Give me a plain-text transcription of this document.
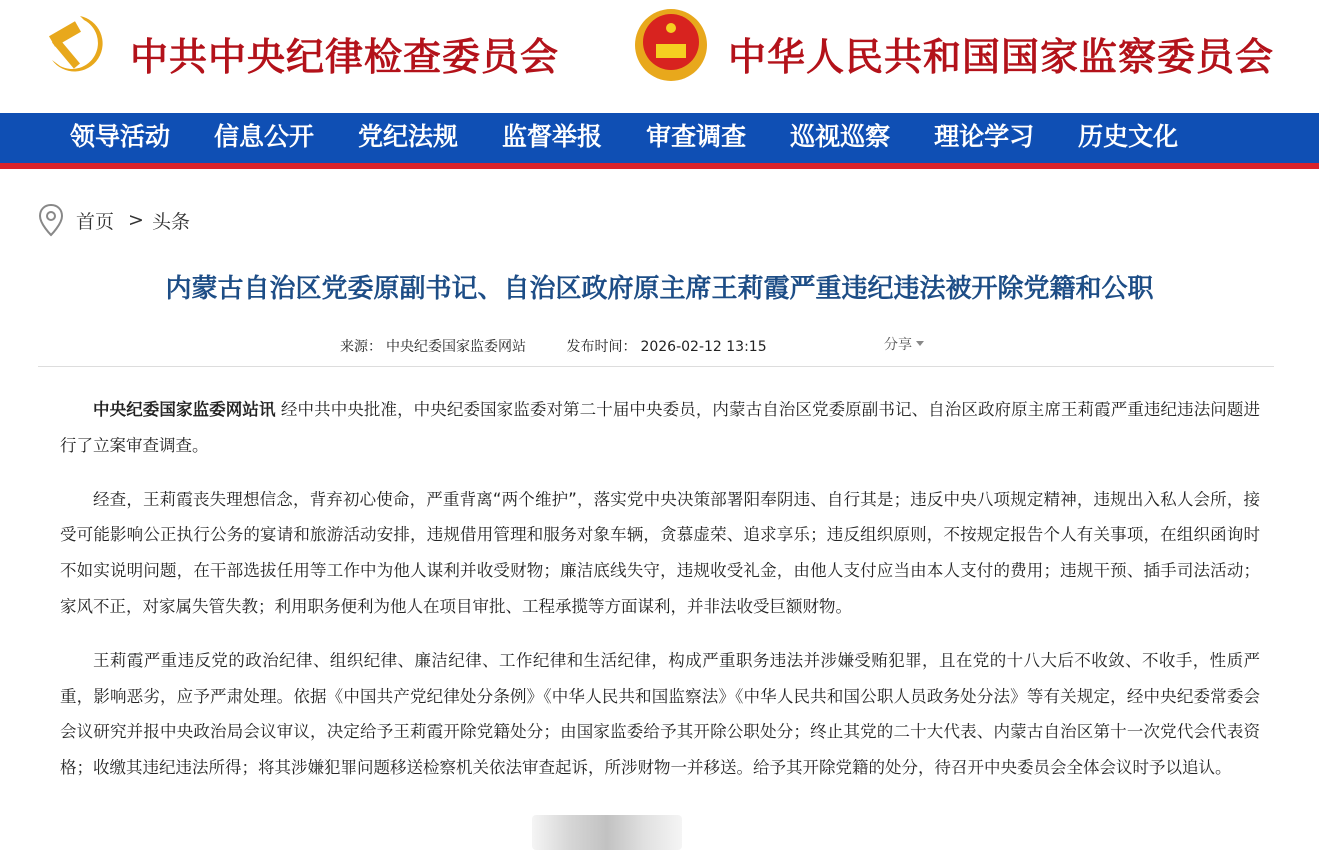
中共中央纪律检查委员会	中华人民共和国国家监察委员会
领导活动 信息公开 党纪法规 监督举报 审查调查 巡视巡察 理论学习 历史文化
首页 > 头条
内蒙古自治区党委原副书记、自治区政府原主席王莉霞严重违纪违法被开除党籍和公职
来源： 中央纪委国家监委网站	发布时间： 2026-02-12 13:15	分享

中央纪委国家监委网站讯 经中共中央批准，中央纪委国家监委对第二十届中央委员，内蒙古自治区党委原副书记、自治区政府原主席王莉霞严重违纪违法问题进行了立案审查调查。

经查，王莉霞丧失理想信念，背弃初心使命，严重背离“两个维护”，落实党中央决策部署阳奉阴违、自行其是；违反中央八项规定精神，违规出入私人会所，接受可能影响公正执行公务的宴请和旅游活动安排，违规借用管理和服务对象车辆，贪慕虚荣、追求享乐；违反组织原则，不按规定报告个人有关事项，在组织函询时不如实说明问题，在干部选拔任用等工作中为他人谋利并收受财物；廉洁底线失守，违规收受礼金，由他人支付应当由本人支付的费用；违规干预、插手司法活动；家风不正，对家属失管失教；利用职务便利为他人在项目审批、工程承揽等方面谋利，并非法收受巨额财物。

王莉霞严重违反党的政治纪律、组织纪律、廉洁纪律、工作纪律和生活纪律，构成严重职务违法并涉嫌受贿犯罪，且在党的十八大后不收敛、不收手，性质严重，影响恶劣，应予严肃处理。依据《中国共产党纪律处分条例》《中华人民共和国监察法》《中华人民共和国公职人员政务处分法》等有关规定，经中央纪委常委会会议研究并报中央政治局会议审议，决定给予王莉霞开除党籍处分；由国家监委给予其开除公职处分；终止其党的二十大代表、内蒙古自治区第十一次党代会代表资格；收缴其违纪违法所得；将其涉嫌犯罪问题移送检察机关依法审查起诉，所涉财物一并移送。给予其开除党籍的处分，待召开中央委员会全体会议时予以追认。
